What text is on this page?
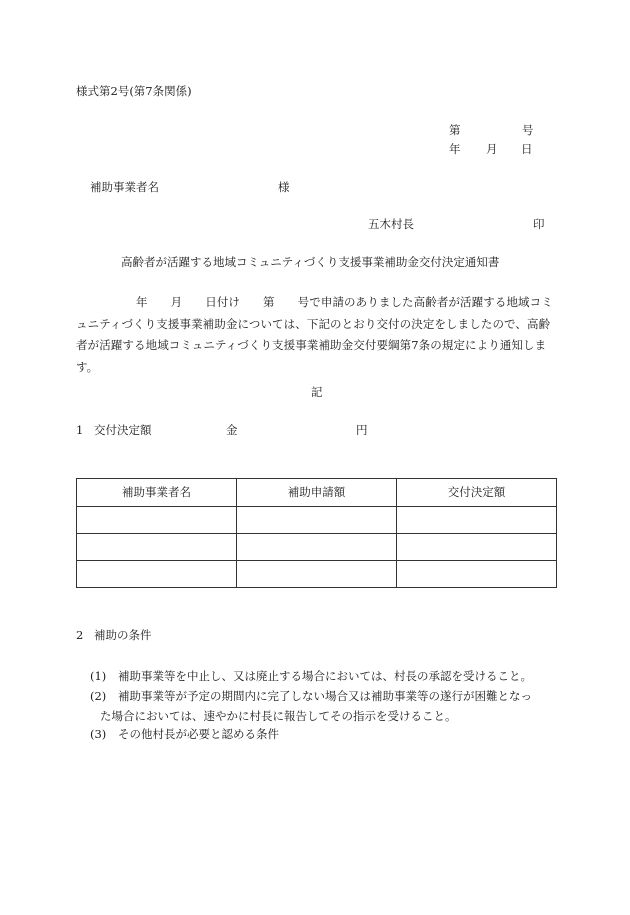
様式第2号(第7条関係)
第	号
年 月 日
補助事業者名	様
五木村長	印
高齢者が活躍する地域コミュニティづくり支援事業補助金交付決定通知書
年 月 日付け 第 号で申請のありました高齢者が活躍する地域コミュニティづくり支援事業補助金については、下記のとおり交付の決定をしましたので、高齢者が活躍する地域コミュニティづくり支援事業補助金交付要綱第7条の規定により通知します。
記
1 交付決定額	金	円
補助事業者名	補助申請額	交付決定額

2 補助の条件
(1) 補助事業等を中止し、又は廃止する場合においては、村長の承認を受けること。
(2) 補助事業等が予定の期間内に完了しない場合又は補助事業等の遂行が困難となっ
た場合においては、速やかに村長に報告してその指示を受けること。
(3) その他村長が必要と認める条件
